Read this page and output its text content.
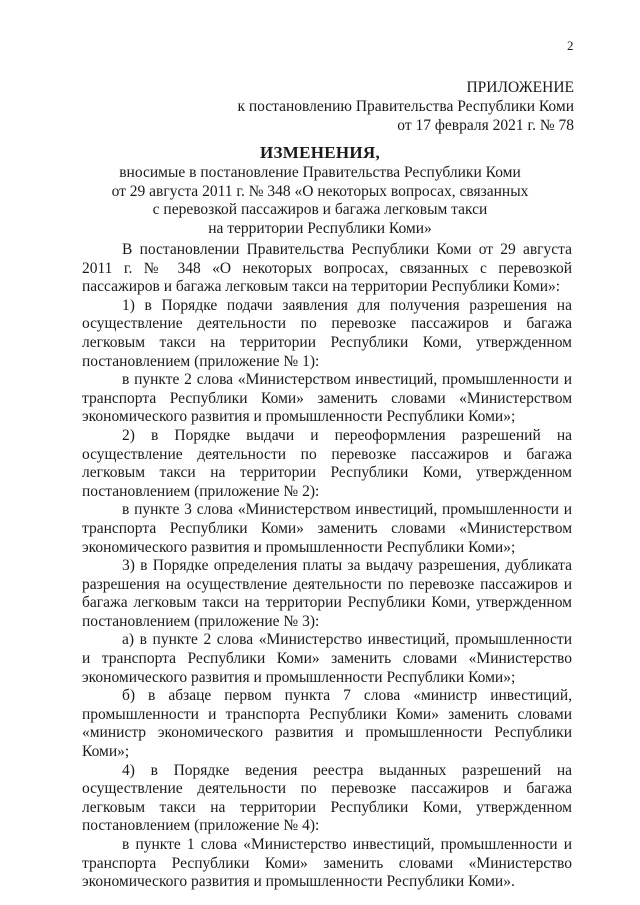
2
ПРИЛОЖЕНИЕ
к постановлению Правительства Республики Коми
от 17 февраля 2021 г. № 78
ИЗМЕНЕНИЯ,
вносимые в постановление Правительства Республики Коми
от 29 августа 2011 г. № 348 «О некоторых вопросах, связанных
с перевозкой пассажиров и багажа легковым такси
на территории Республики Коми»

В постановлении Правительства Республики Коми от 29 августа 2011 г. № 348 «О некоторых вопросах, связанных с перевозкой пассажиров и багажа легковым такси на территории Республики Коми»:

1) в Порядке подачи заявления для получения разрешения на осуществление деятельности по перевозке пассажиров и багажа легковым такси на территории Республики Коми, утвержденном постановлением (приложение № 1):

в пункте 2 слова «Министерством инвестиций, промышленности и транспорта Республики Коми» заменить словами «Министерством экономического развития и промышленности Республики Коми»;

2) в Порядке выдачи и переоформления разрешений на осуществление деятельности по перевозке пассажиров и багажа легковым такси на территории Республики Коми, утвержденном постановлением (приложение № 2):

в пункте 3 слова «Министерством инвестиций, промышленности и транспорта Республики Коми» заменить словами «Министерством экономического развития и промышленности Республики Коми»;

3) в Порядке определения платы за выдачу разрешения, дубликата разрешения на осуществление деятельности по перевозке пассажиров и багажа легковым такси на территории Республики Коми, утвержденном постановлением (приложение № 3):

а) в пункте 2 слова «Министерство инвестиций, промышленности и транспорта Республики Коми» заменить словами «Министерство экономического развития и промышленности Республики Коми»;

б) в абзаце первом пункта 7 слова «министр инвестиций, промышленности и транспорта Республики Коми» заменить словами «министр экономического развития и промышленности Республики Коми»;

4) в Порядке ведения реестра выданных разрешений на осуществление деятельности по перевозке пассажиров и багажа легковым такси на территории Республики Коми, утвержденном постановлением (приложение № 4):

в пункте 1 слова «Министерство инвестиций, промышленности и транспорта Республики Коми» заменить словами «Министерство экономического развития и промышленности Республики Коми».
